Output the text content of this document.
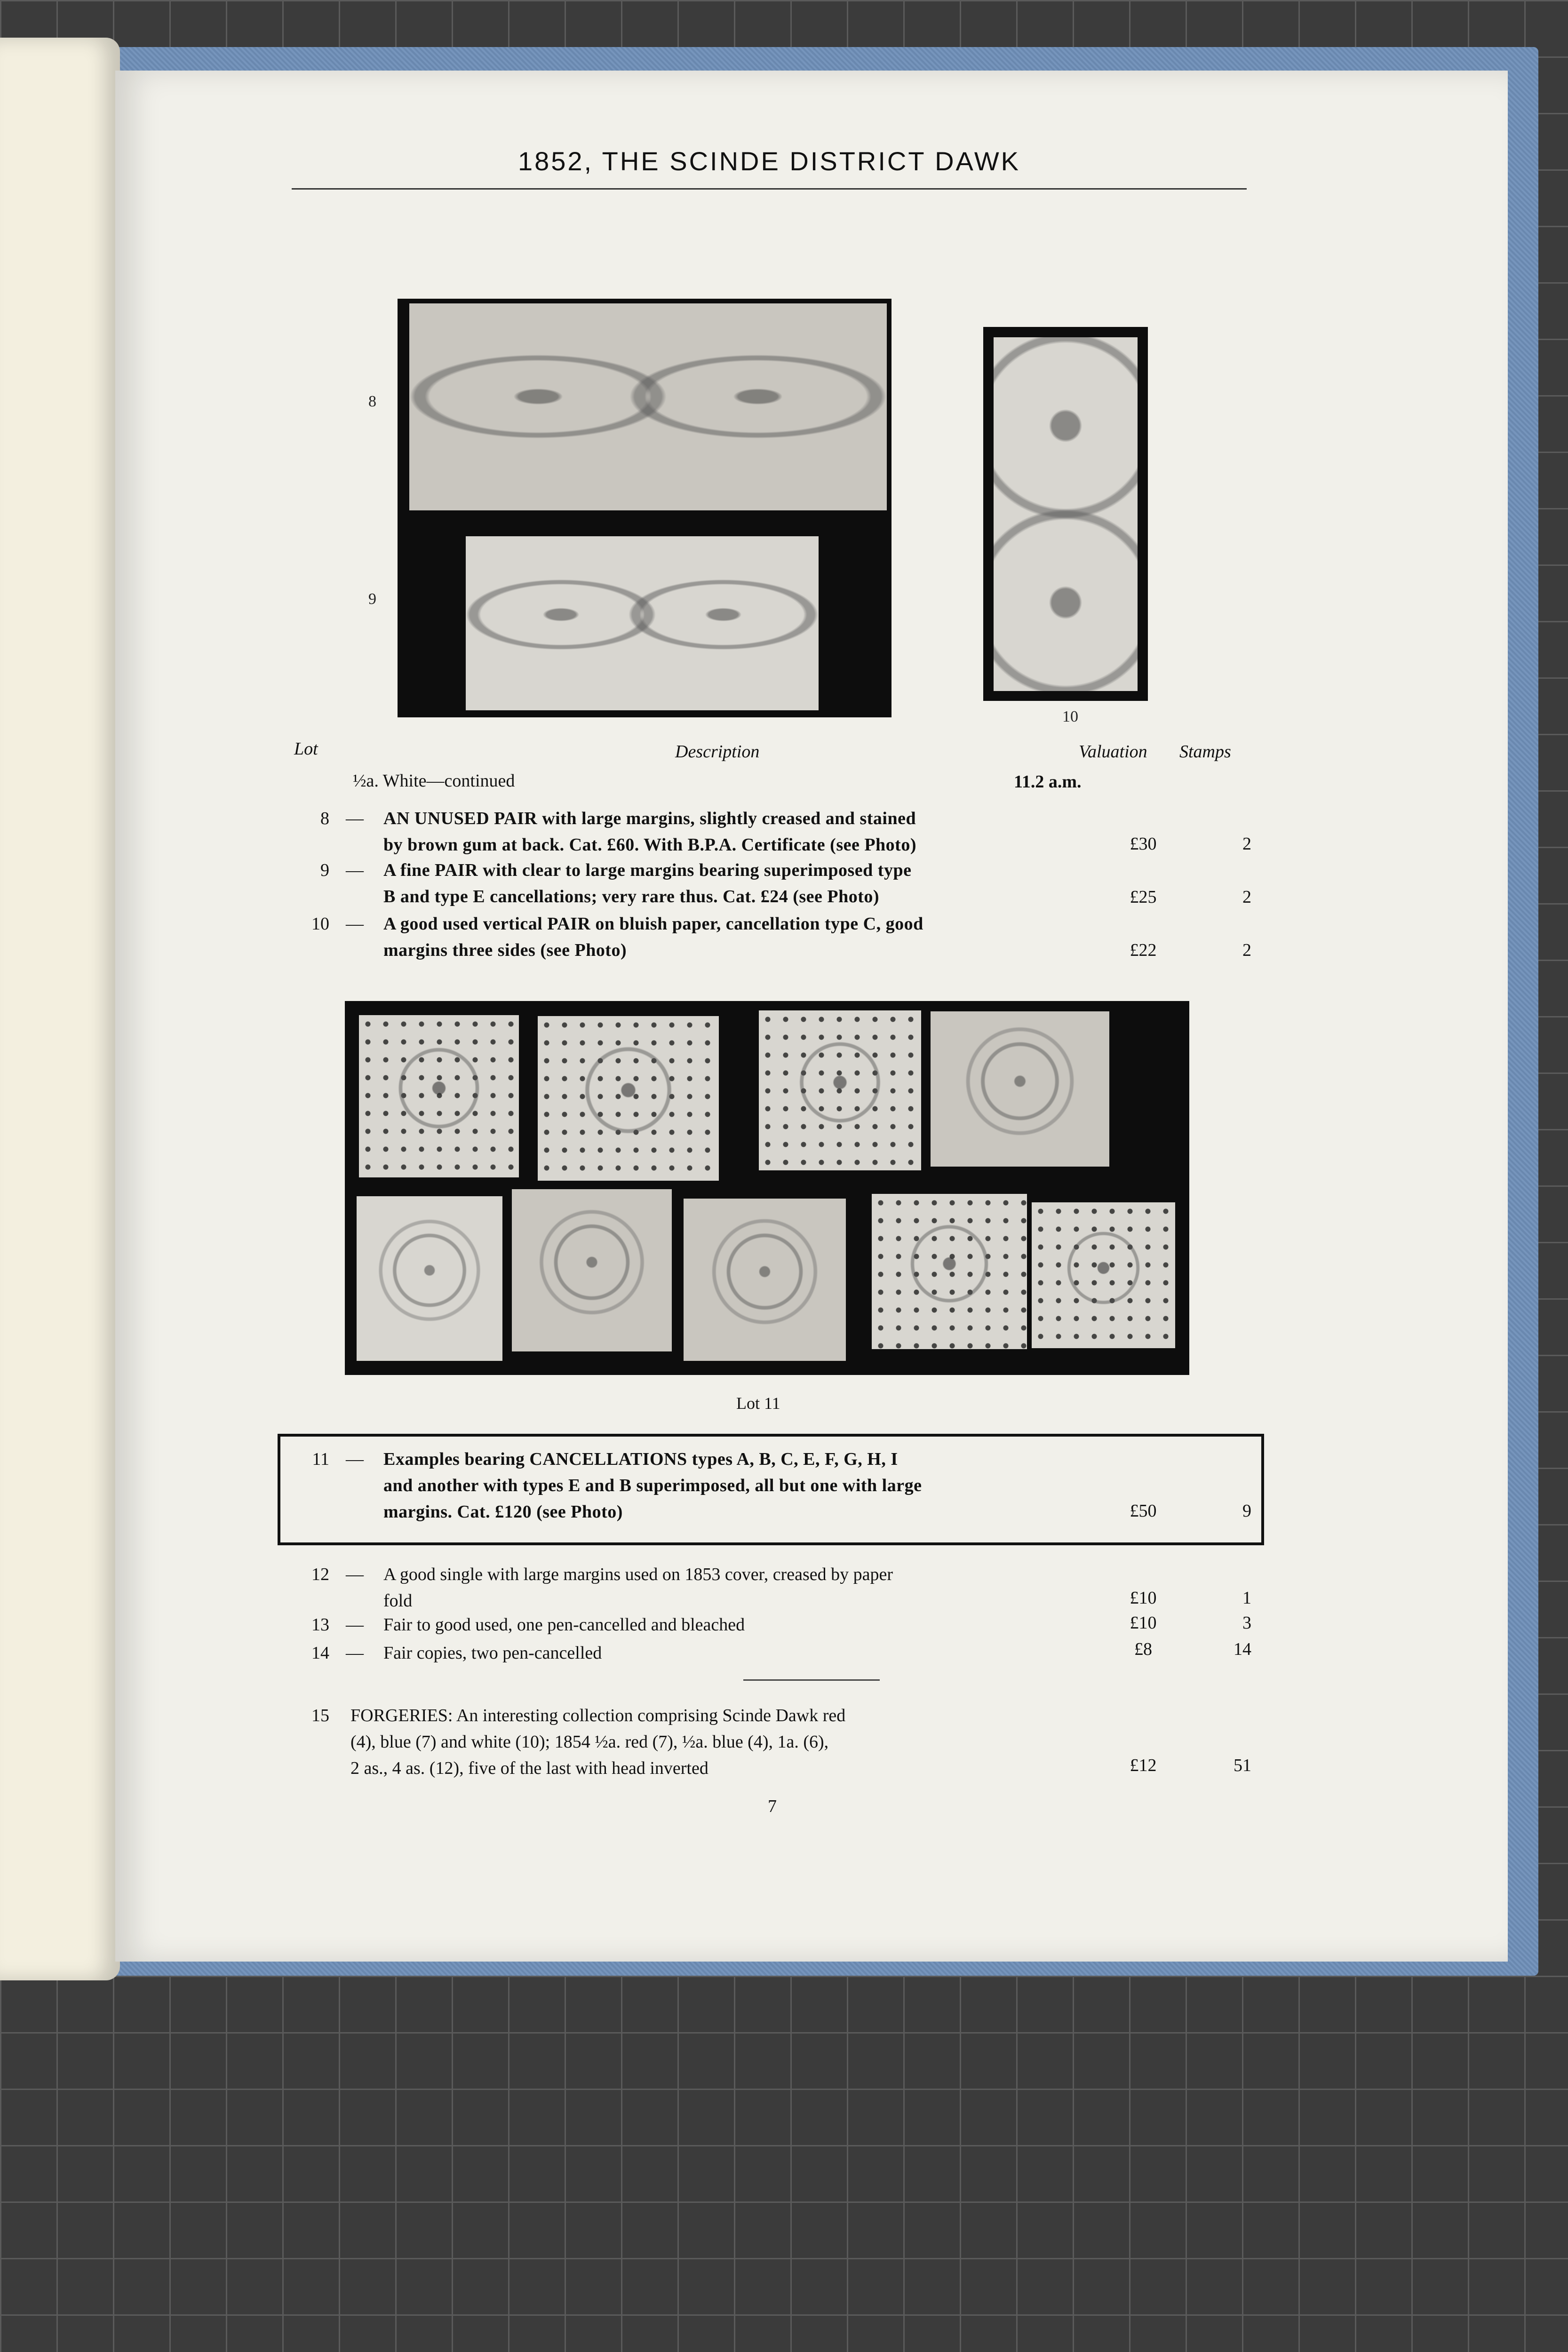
1852, THE SCINDE DISTRICT DAWK
8
9
10
Lot	Description	Valuation Stamps
½a. White—continued	11.2 a.m.
8 — AN UNUSED PAIR with large margins, slightly creased and stained
by brown gum at back. Cat. £60. With B.P.A. Certificate (see Photo)	£30	2
9 — A fine PAIR with clear to large margins bearing superimposed type
B and type E cancellations; very rare thus. Cat. £24 (see Photo)	£25	2
10 — A good used vertical PAIR on bluish paper, cancellation type C, good
margins three sides (see Photo)	£22	2
Lot 11
11 — Examples bearing CANCELLATIONS types A, B, C, E, F, G, H, I
and another with types E and B superimposed, all but one with large
margins. Cat. £120 (see Photo)	£50	9
12 — A good single with large margins used on 1853 cover, creased by paper
fold	£10	1
13 — Fair to good used, one pen-cancelled and bleached	£10	3
14 — Fair copies, two pen-cancelled	£8	14
15 FORGERIES: An interesting collection comprising Scinde Dawk red
(4), blue (7) and white (10); 1854 ½a. red (7), ½a. blue (4), 1a. (6),
2 as., 4 as. (12), five of the last with head inverted	£12	51
7
